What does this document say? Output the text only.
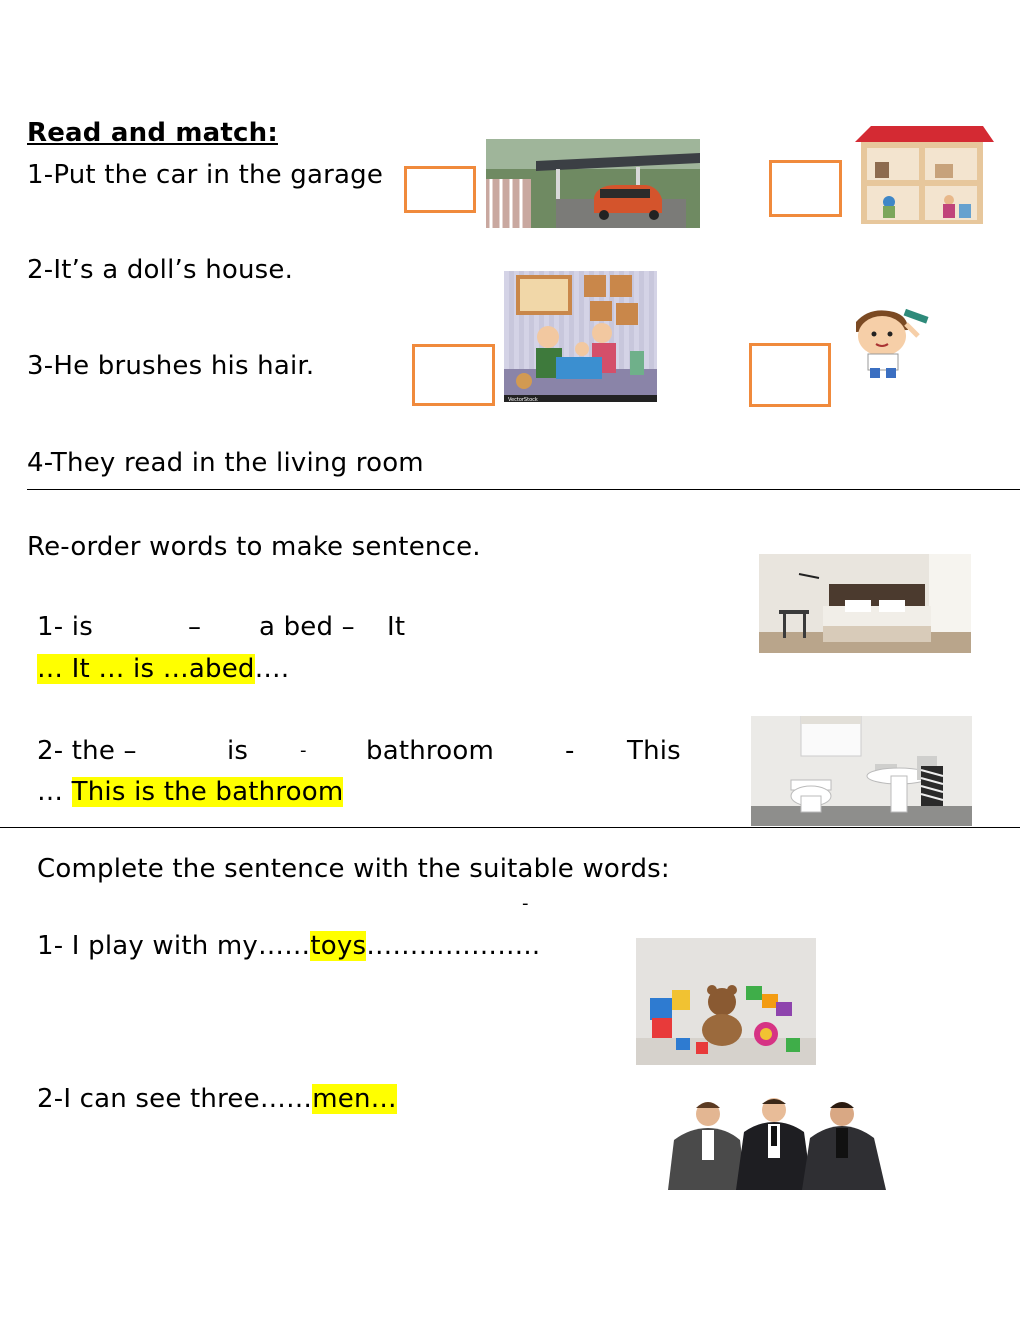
Read and match:
1-Put the car in the garage
2-It’s a doll’s house.
3-He brushes his hair.
4-They read in the living room
VectorStock
Re-order words to make sentence.
1- is	– a bed – It
… It … is …abed….
2- the –	is	- bathroom	- This
… This is the bathroom
Complete the sentence with the suitable words:
-
1- I play with my……toys………………..
2-I can see three……men…
